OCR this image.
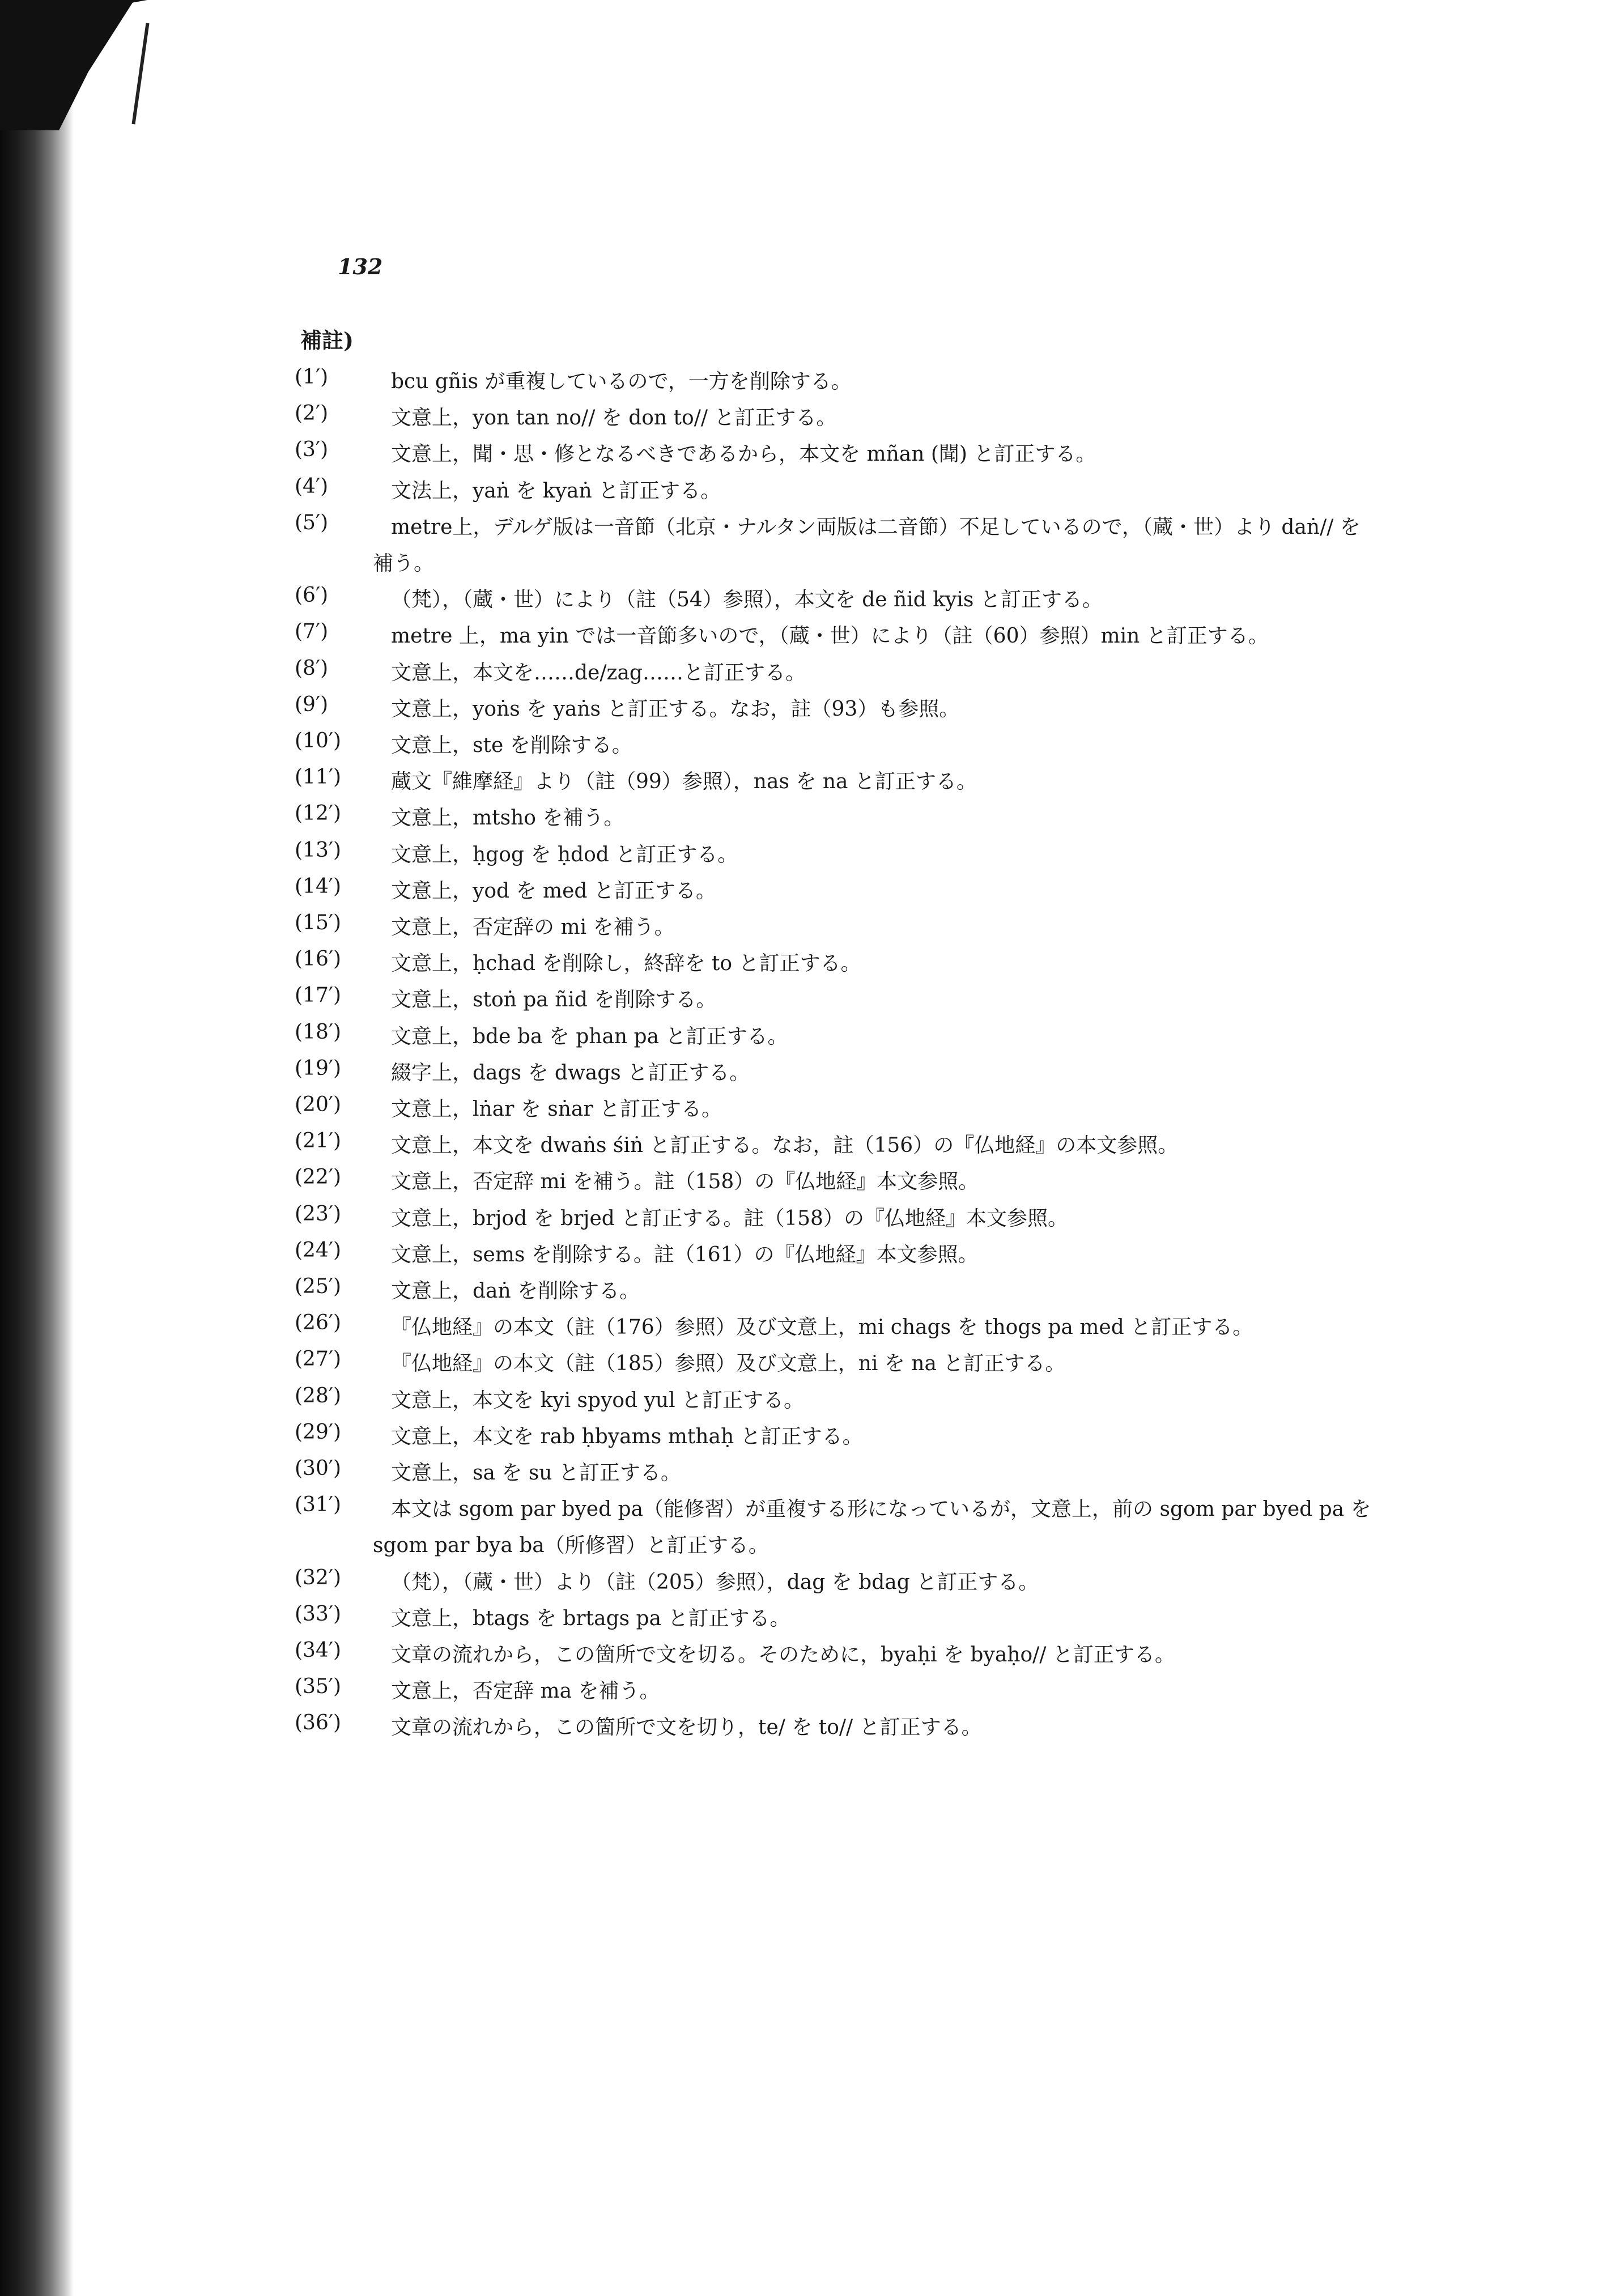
132
補註)
(1′)	bcu gñis が重複しているので，一方を削除する。
(2′)	文意上，yon tan no// を don to// と訂正する。
(3′)	文意上，聞・思・修となるべきであるから，本文を mñan (聞) と訂正する。
(4′)	文法上，yaṅ を kyaṅ と訂正する。
(5′)	metre上，デルゲ版は一音節（北京・ナルタン両版は二音節）不足しているので，（蔵・世）より daṅ// を
補う。
(6′)	（梵），（蔵・世）により（註（54）参照），本文を de ñid kyis と訂正する。
(7′)	metre 上，ma yin では一音節多いので，（蔵・世）により（註（60）参照）min と訂正する。
(8′)	文意上，本文を……de/zag……と訂正する。
(9′)	文意上，yoṅs を yaṅs と訂正する。なお，註（93）も参照。
(10′)	文意上，ste を削除する。
(11′)	蔵文『維摩経』より（註（99）参照），nas を na と訂正する。
(12′)	文意上，mtsho を補う。
(13′)	文意上，ḥgog を ḥdod と訂正する。
(14′)	文意上，yod を med と訂正する。
(15′)	文意上，否定辞の mi を補う。
(16′)	文意上，ḥchad を削除し，終辞を to と訂正する。
(17′)	文意上，stoṅ pa ñid を削除する。
(18′)	文意上，bde ba を phan pa と訂正する。
(19′)	綴字上，dags を dwags と訂正する。
(20′)	文意上，lṅar を sṅar と訂正する。
(21′)	文意上，本文を dwaṅs śiṅ と訂正する。なお，註（156）の『仏地経』の本文参照。
(22′)	文意上，否定辞 mi を補う。註（158）の『仏地経』本文参照。
(23′)	文意上，brjod を brjed と訂正する。註（158）の『仏地経』本文参照。
(24′)	文意上，sems を削除する。註（161）の『仏地経』本文参照。
(25′)	文意上，daṅ を削除する。
(26′)	『仏地経』の本文（註（176）参照）及び文意上，mi chags を thogs pa med と訂正する。
(27′)	『仏地経』の本文（註（185）参照）及び文意上，ni を na と訂正する。
(28′)	文意上，本文を kyi spyod yul と訂正する。
(29′)	文意上，本文を rab ḥbyams mthaḥ と訂正する。
(30′)	文意上，sa を su と訂正する。
(31′)	本文は sgom par byed pa（能修習）が重複する形になっているが，文意上，前の sgom par byed pa を
sgom par bya ba（所修習）と訂正する。
(32′)	（梵），（蔵・世）より（註（205）参照），dag を bdag と訂正する。
(33′)	文意上，btags を brtags pa と訂正する。
(34′)	文章の流れから，この箇所で文を切る。そのために，byaḥi を byaḥo// と訂正する。
(35′)	文意上，否定辞 ma を補う。
(36′)	文章の流れから，この箇所で文を切り，te/ を to// と訂正する。
